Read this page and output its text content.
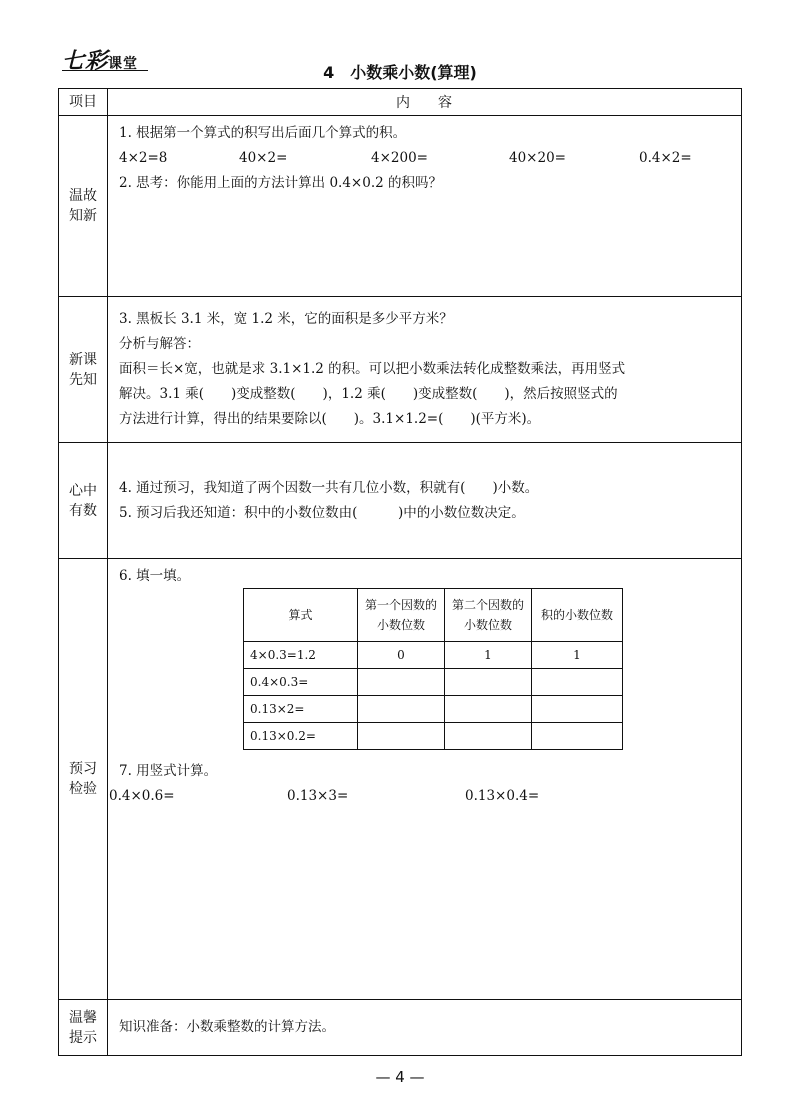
七彩课堂	4　小数乘小数(算理)
项目	内　　容
温故知新
1. 根据第一个算式的积写出后面几个算式的积。
4×2=8	40×2=	4×200=	40×20=	0.4×2=
2. 思考：你能用上面的方法计算出 0.4×0.2 的积吗？
新课先知
3. 黑板长 3.1 米，宽 1.2 米，它的面积是多少平方米？
分析与解答：
面积＝长×宽，也就是求 3.1×1.2 的积。可以把小数乘法转化成整数乘法，再用竖式
解决。3.1 乘(　　)变成整数(　　)，1.2 乘(　　)变成整数(　　)，然后按照竖式的
方法进行计算，得出的结果要除以(　　)。3.1×1.2=(　　)(平方米)。
心中有数
4. 通过预习，我知道了两个因数一共有几位小数，积就有(　　)小数。
5. 预习后我还知道：积中的小数位数由(　　　)中的小数位数决定。
预习检验
6. 填一填。
算式	第一个因数的小数位数	第二个因数的小数位数	积的小数位数
4×0.3=1.2	0	1	1
0.4×0.3=			
0.13×2=			
0.13×0.2=			
7. 用竖式计算。
0.4×0.6=	0.13×3=	0.13×0.4=
温馨提示
知识准备：小数乘整数的计算方法。
— 4 —
